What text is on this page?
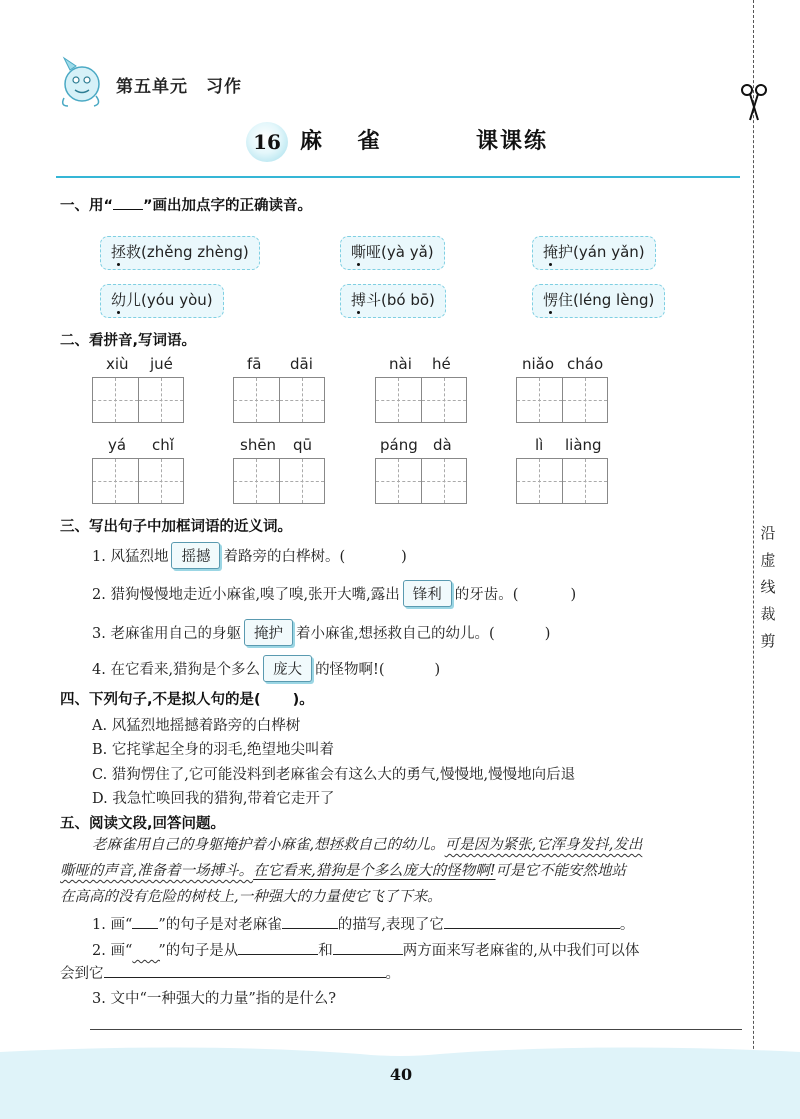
沿
虚
线
裁
剪
第五单元 习作
16 麻 雀	课课练
一、用“ ”画出加点字的正确读音。
拯救(zhěng zhèng)	嘶哑(yà yǎ)	掩护(yán yǎn)
幼儿(yóu yòu)	搏斗(bó bō)	愣住(léng lèng)
二、看拼音,写词语。
xiù jué	fā dāi	nài hé	niǎo cháo
yá chǐ	shēn qū	páng dà	lì liàng
三、写出句子中加框词语的近义词。
1. 风猛烈地 摇撼 着路旁的白桦树。(	)
2. 猎狗慢慢地走近小麻雀,嗅了嗅,张开大嘴,露出 锋利 的牙齿。(	)
3. 老麻雀用自己的身躯 掩护 着小麻雀,想拯救自己的幼儿。(	)
4. 在它看来,猎狗是个多么 庞大 的怪物啊!(	)
四、下列句子,不是拟人句的是( )。
A. 风猛烈地摇撼着路旁的白桦树
B. 它挓挲起全身的羽毛,绝望地尖叫着
C. 猎狗愣住了,它可能没料到老麻雀会有这么大的勇气,慢慢地,慢慢地向后退
D. 我急忙唤回我的猎狗,带着它走开了
五、阅读文段,回答问题。
老麻雀用自己的身躯掩护着小麻雀,想拯救自己的幼儿。可是因为紧张,它浑身发抖,发出
嘶哑的声音,准备着一场搏斗。在它看来,猎狗是个多么庞大的怪物啊!可是它不能安然地站
在高高的没有危险的树枝上,一种强大的力量使它飞了下来。
1. 画“ ”的句子是对老麻雀	的描写,表现了它	。
2. 画“ ”的句子是从	和	两方面来写老麻雀的,从中我们可以体
会到它	。
3. 文中“一种强大的力量”指的是什么?
40
